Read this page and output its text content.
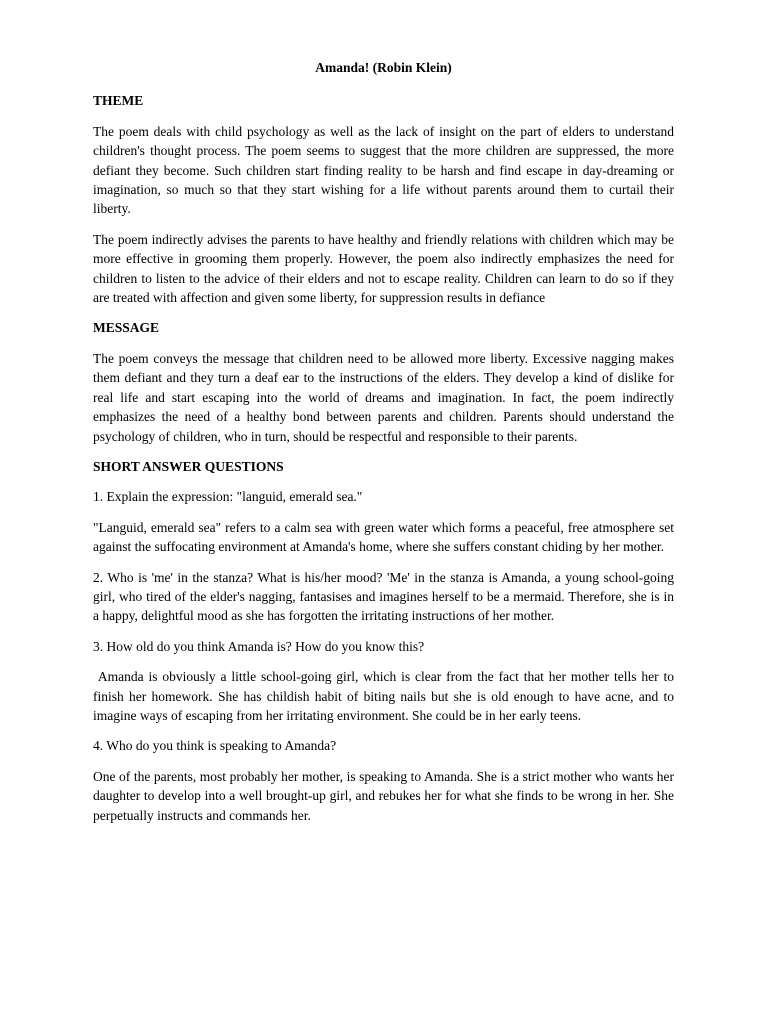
Amanda! (Robin Klein)
THEME
The poem deals with child psychology as well as the lack of insight on the part of elders to understand children's thought process. The poem seems to suggest that the more children are suppressed, the more defiant they become. Such children start finding reality to be harsh and find escape in day-dreaming or imagination, so much so that they start wishing for a life without parents around them to curtail their liberty.
The poem indirectly advises the parents to have healthy and friendly relations with children which may be more effective in grooming them properly. However, the poem also indirectly emphasizes the need for children to listen to the advice of their elders and not to escape reality. Children can learn to do so if they are treated with affection and given some liberty, for suppression results in defiance
MESSAGE
The poem conveys the message that children need to be allowed more liberty. Excessive nagging makes them defiant and they turn a deaf ear to the instructions of the elders. They develop a kind of dislike for real life and start escaping into the world of dreams and imagination. In fact, the poem indirectly emphasizes the need of a healthy bond between parents and children. Parents should understand the psychology of children, who in turn, should be respectful and responsible to their parents.
SHORT ANSWER QUESTIONS
1. Explain the expression: "languid, emerald sea."
"Languid, emerald sea" refers to a calm sea with green water which forms a peaceful, free atmosphere set against the suffocating environment at Amanda's home, where she suffers constant chiding by her mother.
2. Who is 'me' in the stanza? What is his/her mood? 'Me' in the stanza is Amanda, a young school-going girl, who tired of the elder's nagging, fantasises and imagines herself to be a mermaid. Therefore, she is in a happy, delightful mood as she has forgotten the irritating instructions of her mother.
3. How old do you think Amanda is? How do you know this?
Amanda is obviously a little school-going girl, which is clear from the fact that her mother tells her to finish her homework. She has childish habit of biting nails but she is old enough to have acne, and to imagine ways of escaping from her irritating environment. She could be in her early teens.
4. Who do you think is speaking to Amanda?
One of the parents, most probably her mother, is speaking to Amanda. She is a strict mother who wants her daughter to develop into a well brought-up girl, and rebukes her for what she finds to be wrong in her. She perpetually instructs and commands her.
